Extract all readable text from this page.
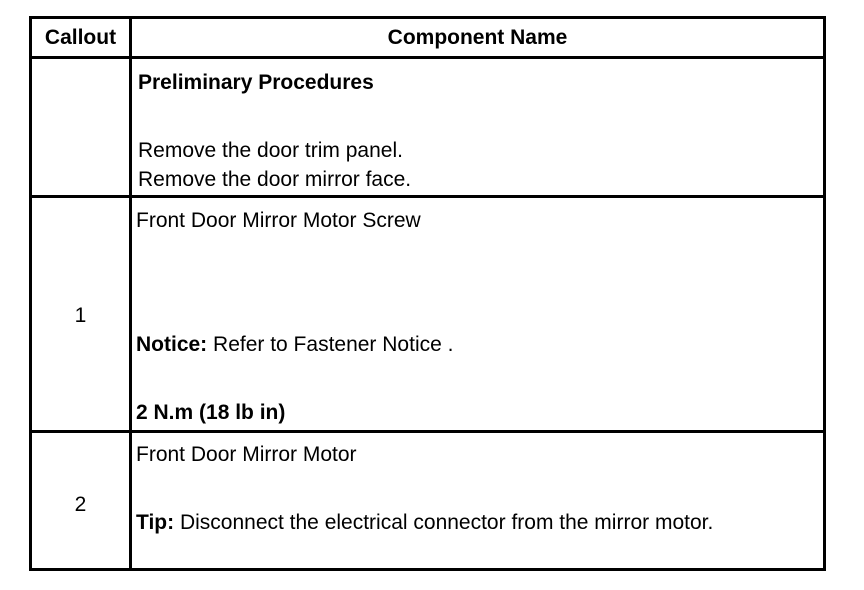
Callout	Component Name
Preliminary Procedures
Remove the door trim panel.
Remove the door mirror face.
1
Front Door Mirror Motor Screw
Notice: Refer to Fastener Notice .
2 N.m (18 lb in)
2
Front Door Mirror Motor
Tip: Disconnect the electrical connector from the mirror motor.
